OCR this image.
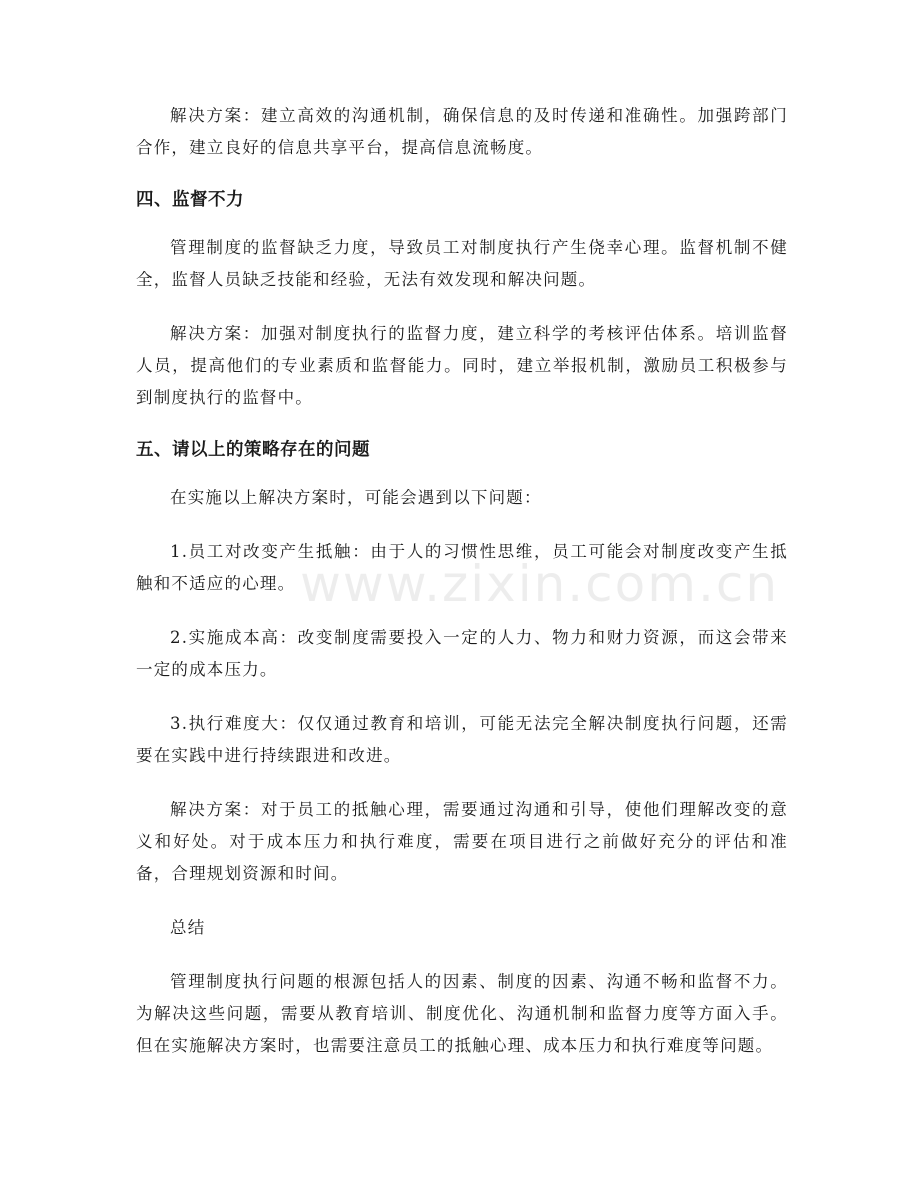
www.zixin.com.cn

解决方案：建立高效的沟通机制，确保信息的及时传递和准确性。加强跨部门合作，建立良好的信息共享平台，提高信息流畅度。

四、监督不力

管理制度的监督缺乏力度，导致员工对制度执行产生侥幸心理。监督机制不健全，监督人员缺乏技能和经验，无法有效发现和解决问题。

解决方案：加强对制度执行的监督力度，建立科学的考核评估体系。培训监督人员，提高他们的专业素质和监督能力。同时，建立举报机制，激励员工积极参与到制度执行的监督中。

五、请以上的策略存在的问题

在实施以上解决方案时，可能会遇到以下问题：

1.员工对改变产生抵触：由于人的习惯性思维，员工可能会对制度改变产生抵触和不适应的心理。

2.实施成本高：改变制度需要投入一定的人力、物力和财力资源，而这会带来一定的成本压力。

3.执行难度大：仅仅通过教育和培训，可能无法完全解决制度执行问题，还需要在实践中进行持续跟进和改进。

解决方案：对于员工的抵触心理，需要通过沟通和引导，使他们理解改变的意义和好处。对于成本压力和执行难度，需要在项目进行之前做好充分的评估和准备，合理规划资源和时间。

总结

管理制度执行问题的根源包括人的因素、制度的因素、沟通不畅和监督不力。为解决这些问题，需要从教育培训、制度优化、沟通机制和监督力度等方面入手。但在实施解决方案时，也需要注意员工的抵触心理、成本压力和执行难度等问题。
